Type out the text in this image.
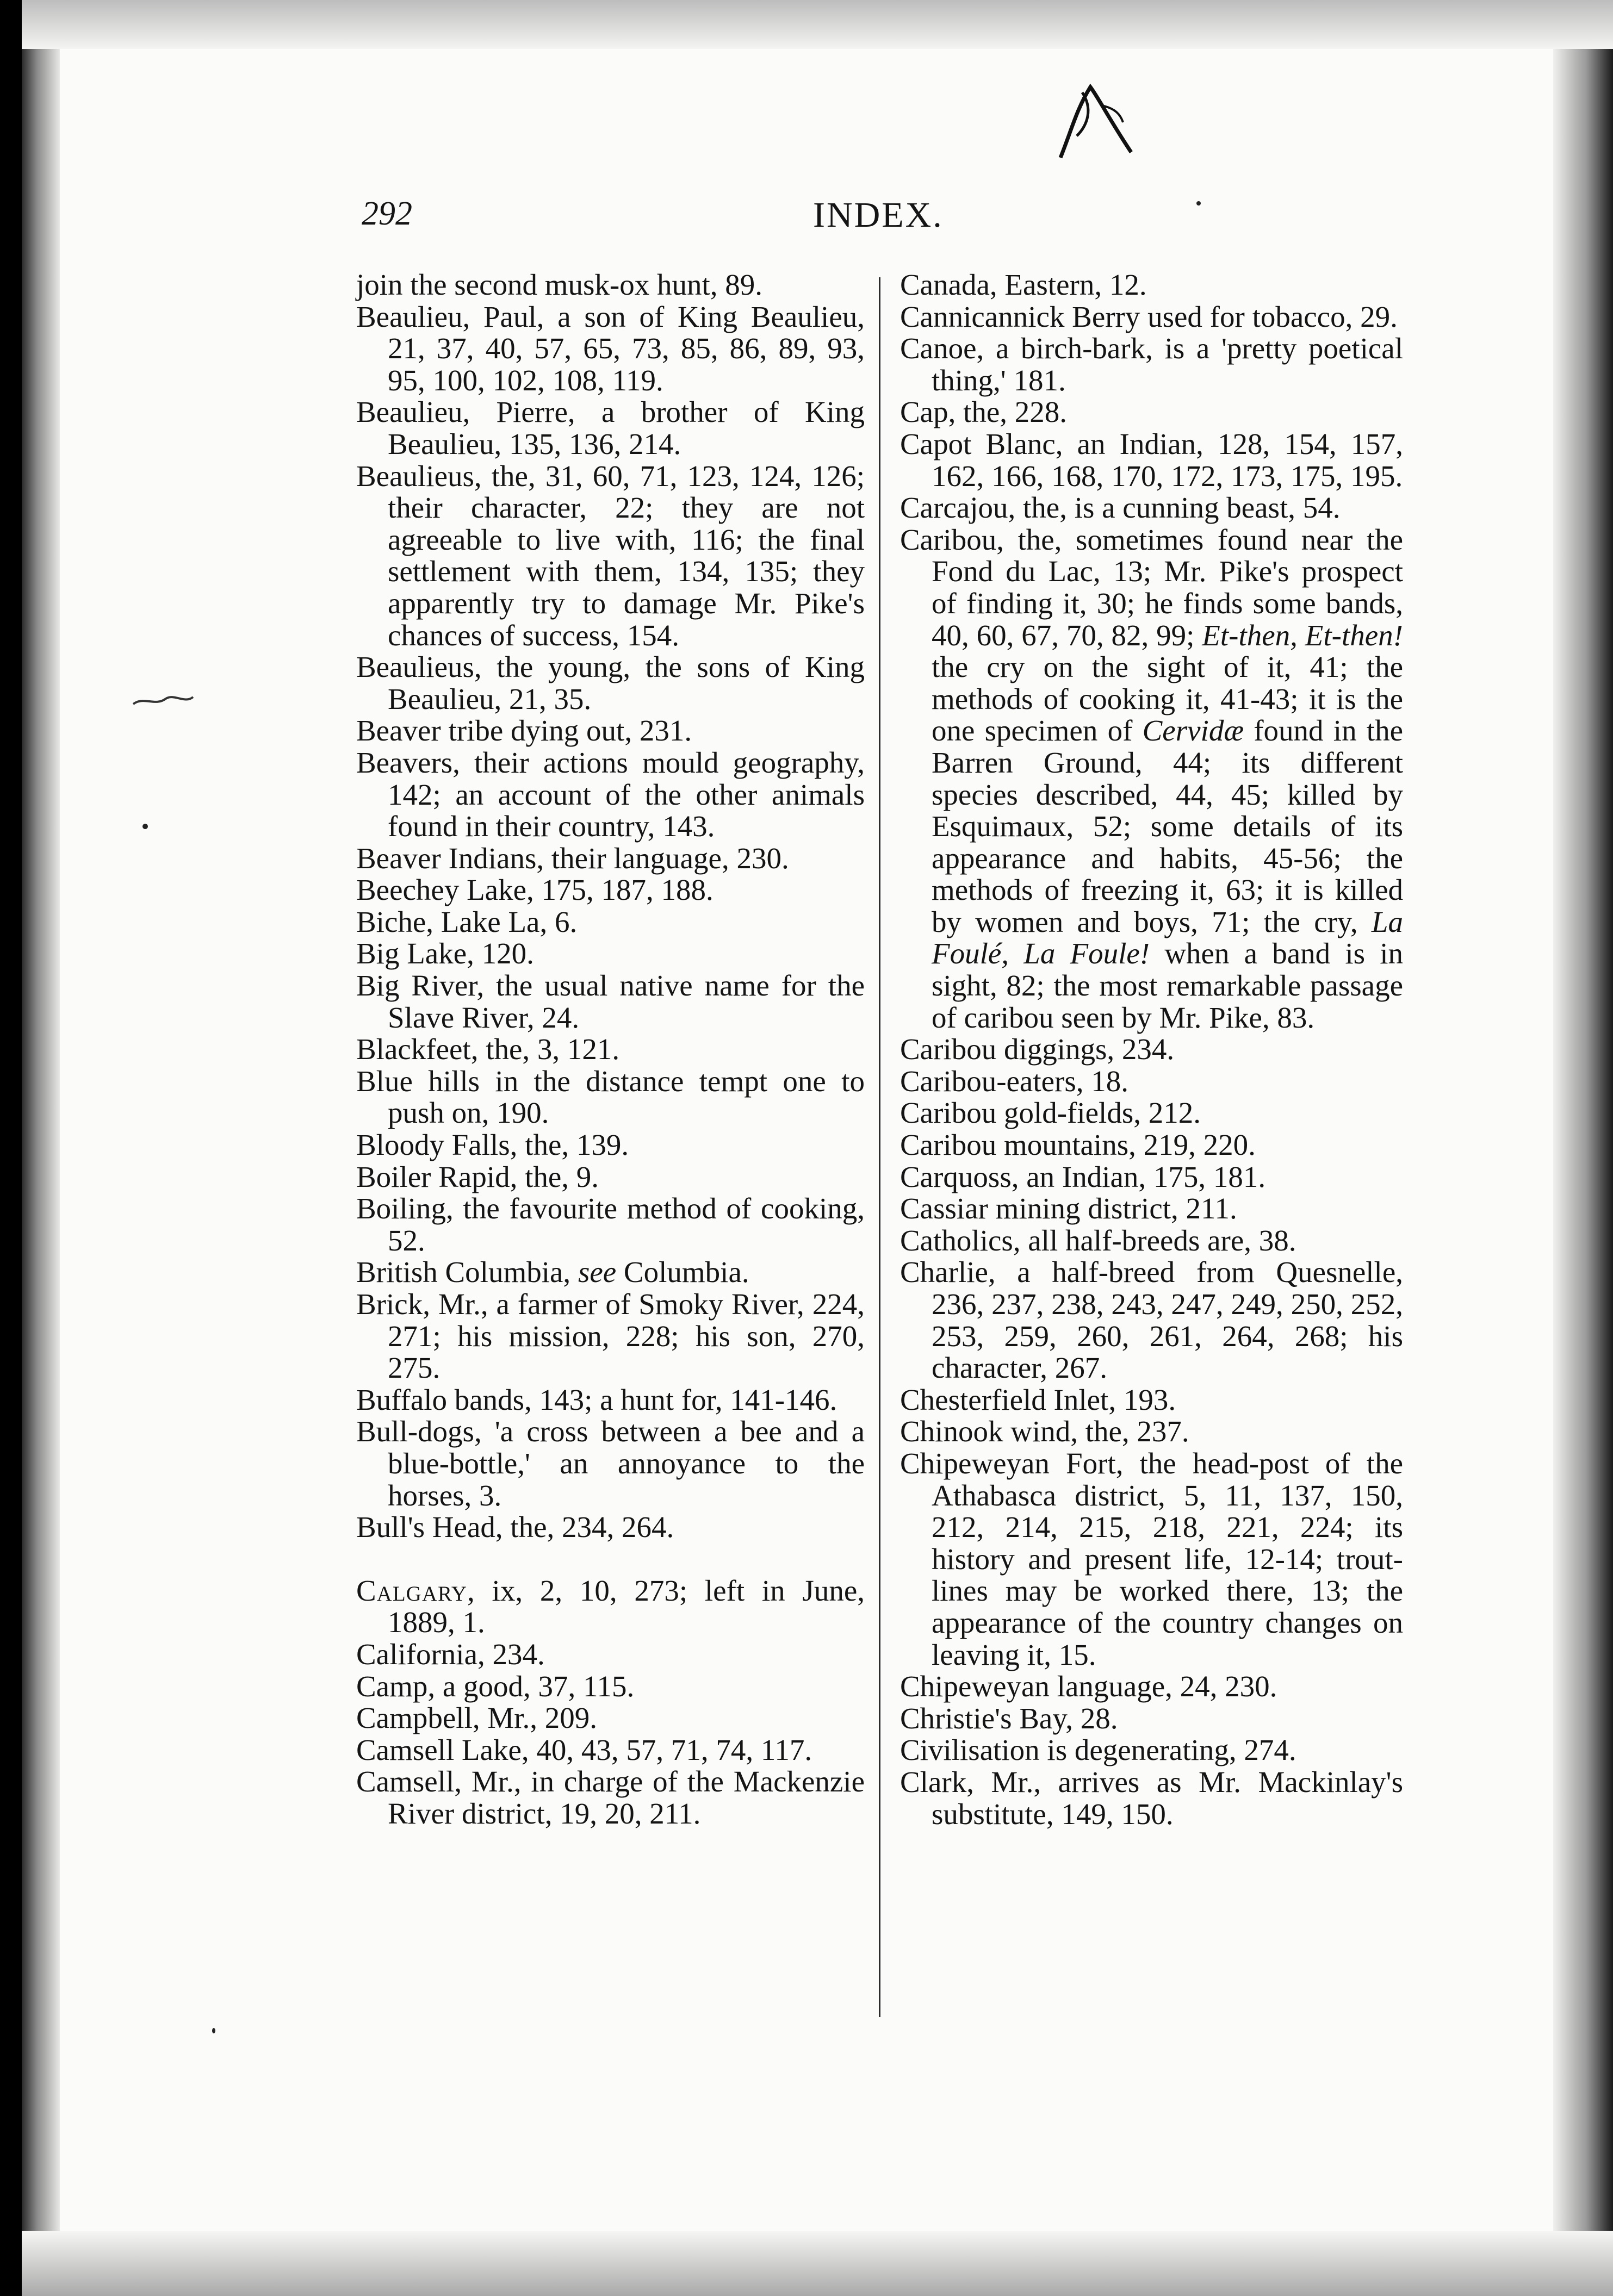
292	INDEX.

join the second musk-ox hunt, 89.

Beaulieu, Paul, a son of King Beaulieu, 21, 37, 40, 57, 65, 73, 85, 86, 89, 93, 95, 100, 102, 108, 119.

Beaulieu, Pierre, a brother of King Beaulieu, 135, 136, 214.

Beaulieus, the, 31, 60, 71, 123, 124, 126; their character, 22; they are not agreeable to live with, 116; the final settlement with them, 134, 135; they apparently try to damage Mr. Pike's chances of success, 154.

Beaulieus, the young, the sons of King Beaulieu, 21, 35.

Beaver tribe dying out, 231.

Beavers, their actions mould geography, 142; an account of the other animals found in their country, 143.

Beaver Indians, their language, 230.

Beechey Lake, 175, 187, 188.

Biche, Lake La, 6.

Big Lake, 120.

Big River, the usual native name for the Slave River, 24.

Blackfeet, the, 3, 121.

Blue hills in the distance tempt one to push on, 190.

Bloody Falls, the, 139.

Boiler Rapid, the, 9.

Boiling, the favourite method of cooking, 52.

British Columbia, see Columbia.

Brick, Mr., a farmer of Smoky River, 224, 271; his mission, 228; his son, 270, 275.

Buffalo bands, 143; a hunt for, 141-146.

Bull-dogs, 'a cross between a bee and a blue-bottle,' an annoyance to the horses, 3.

Bull's Head, the, 234, 264.

Calgary, ix, 2, 10, 273; left in June, 1889, 1.

California, 234.

Camp, a good, 37, 115.

Campbell, Mr., 209.

Camsell Lake, 40, 43, 57, 71, 74, 117.

Camsell, Mr., in charge of the Mackenzie River district, 19, 20, 211.

Canada, Eastern, 12.

Cannicannick Berry used for tobacco, 29.

Canoe, a birch-bark, is a 'pretty poetical thing,' 181.

Cap, the, 228.

Capot Blanc, an Indian, 128, 154, 157, 162, 166, 168, 170, 172, 173, 175, 195.

Carcajou, the, is a cunning beast, 54.

Caribou, the, sometimes found near the Fond du Lac, 13; Mr. Pike's prospect of finding it, 30; he finds some bands, 40, 60, 67, 70, 82, 99; Et-then, Et-then! the cry on the sight of it, 41; the methods of cooking it, 41-43; it is the one specimen of Cervidæ found in the Barren Ground, 44; its different species described, 44, 45; killed by Esquimaux, 52; some details of its appearance and habits, 45-56; the methods of freezing it, 63; it is killed by women and boys, 71; the cry, La Foulé, La Foule! when a band is in sight, 82; the most remarkable passage of caribou seen by Mr. Pike, 83.

Caribou diggings, 234.

Caribou-eaters, 18.

Caribou gold-fields, 212.

Caribou mountains, 219, 220.

Carquoss, an Indian, 175, 181.

Cassiar mining district, 211.

Catholics, all half-breeds are, 38.

Charlie, a half-breed from Quesnelle, 236, 237, 238, 243, 247, 249, 250, 252, 253, 259, 260, 261, 264, 268; his character, 267.

Chesterfield Inlet, 193.

Chinook wind, the, 237.

Chipeweyan Fort, the head-post of the Athabasca district, 5, 11, 137, 150, 212, 214, 215, 218, 221, 224; its history and present life, 12-14; trout-lines may be worked there, 13; the appearance of the country changes on leaving it, 15.

Chipeweyan language, 24, 230.

Christie's Bay, 28.

Civilisation is degenerating, 274.

Clark, Mr., arrives as Mr. Mackinlay's substitute, 149, 150.
